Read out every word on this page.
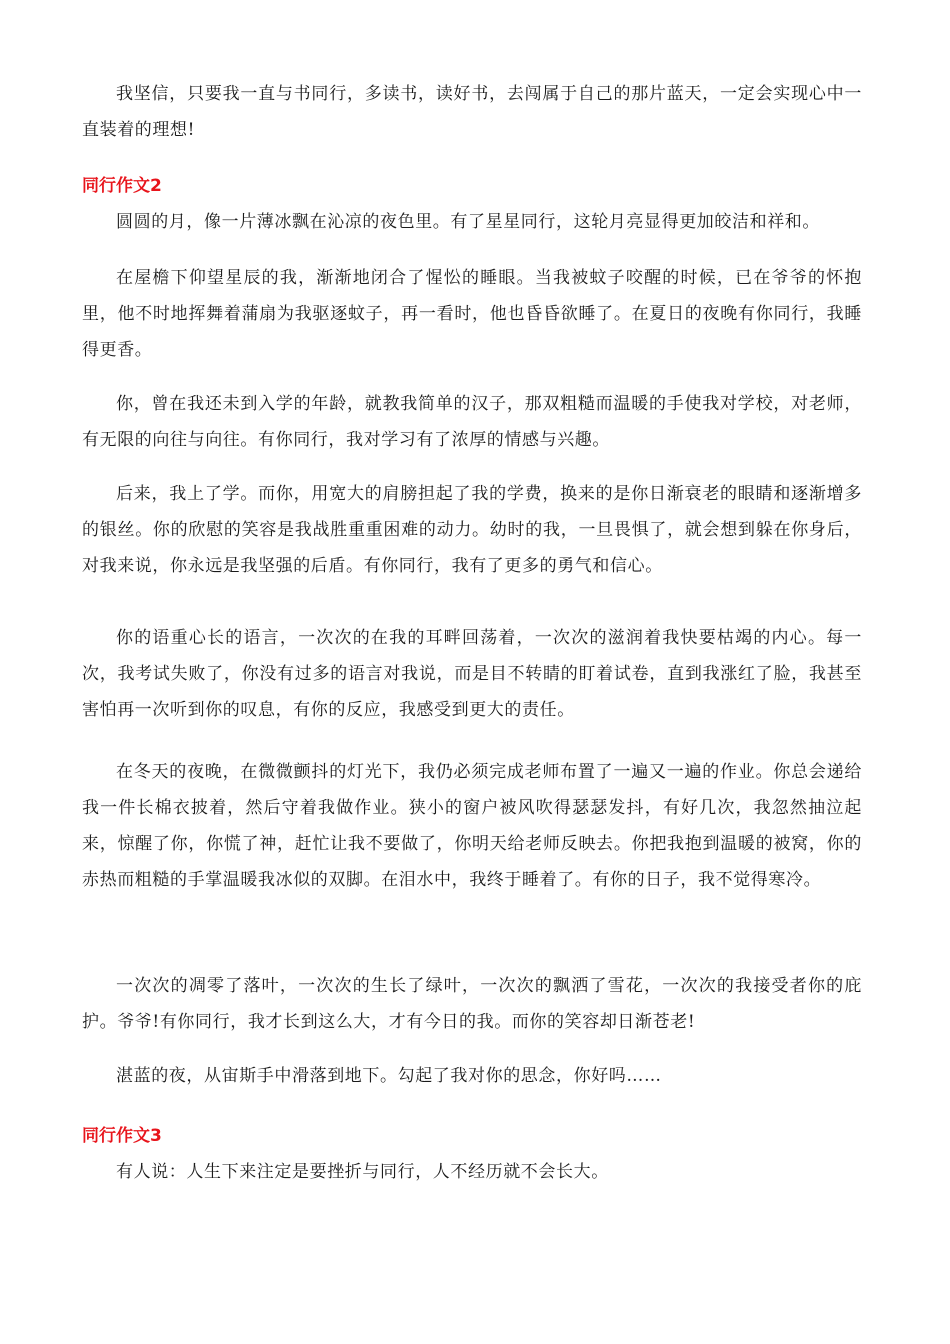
我坚信，只要我一直与书同行，多读书，读好书，去闯属于自己的那片蓝天，一定会实现心中一直装着的理想!

同行作文2

圆圆的月，像一片薄冰飘在沁凉的夜色里。有了星星同行，这轮月亮显得更加皎洁和祥和。

在屋檐下仰望星辰的我，渐渐地闭合了惺忪的睡眼。当我被蚊子咬醒的时候，已在爷爷的怀抱里，他不时地挥舞着蒲扇为我驱逐蚊子，再一看时，他也昏昏欲睡了。在夏日的夜晚有你同行，我睡得更香。

你，曾在我还未到入学的年龄，就教我简单的汉子，那双粗糙而温暖的手使我对学校，对老师，有无限的向往与向往。有你同行，我对学习有了浓厚的情感与兴趣。

后来，我上了学。而你，用宽大的肩膀担起了我的学费，换来的是你日渐衰老的眼睛和逐渐增多的银丝。你的欣慰的笑容是我战胜重重困难的动力。幼时的我，一旦畏惧了，就会想到躲在你身后，对我来说，你永远是我坚强的后盾。有你同行，我有了更多的勇气和信心。

你的语重心长的语言，一次次的在我的耳畔回荡着，一次次的滋润着我快要枯竭的内心。每一次，我考试失败了，你没有过多的语言对我说，而是目不转睛的盯着试卷，直到我涨红了脸，我甚至害怕再一次听到你的叹息，有你的反应，我感受到更大的责任。

在冬天的夜晚，在微微颤抖的灯光下，我仍必须完成老师布置了一遍又一遍的作业。你总会递给我一件长棉衣披着，然后守着我做作业。狭小的窗户被风吹得瑟瑟发抖，有好几次，我忽然抽泣起来，惊醒了你，你慌了神，赶忙让我不要做了，你明天给老师反映去。你把我抱到温暖的被窝，你的赤热而粗糙的手掌温暖我冰似的双脚。在泪水中，我终于睡着了。有你的日子，我不觉得寒冷。

一次次的凋零了落叶，一次次的生长了绿叶，一次次的飘洒了雪花，一次次的我接受者你的庇护。爷爷!有你同行，我才长到这么大，才有今日的我。而你的笑容却日渐苍老!

湛蓝的夜，从宙斯手中滑落到地下。勾起了我对你的思念，你好吗……

同行作文3

有人说：人生下来注定是要挫折与同行，人不经历就不会长大。
